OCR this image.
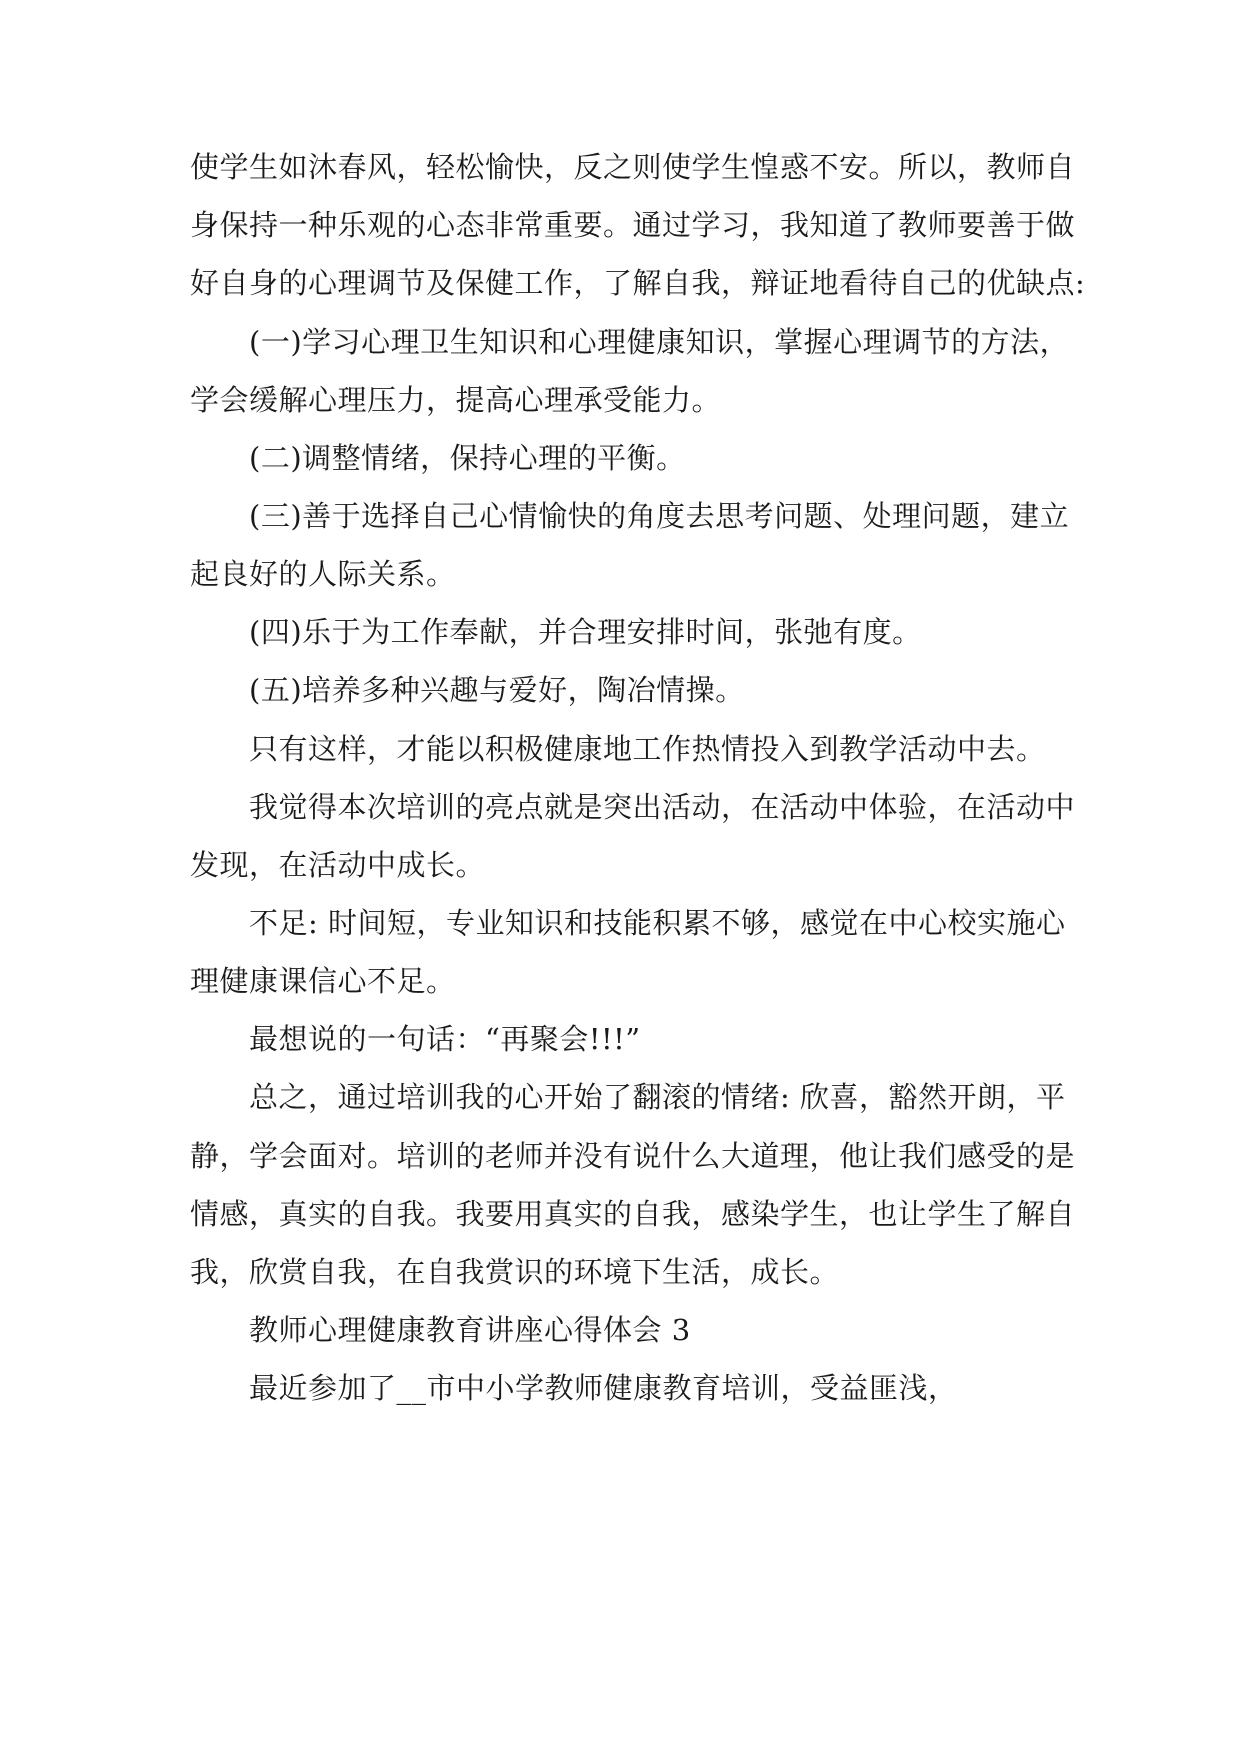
使学生如沐春风，轻松愉快，反之则使学生惶惑不安。所以，教师自
身保持一种乐观的心态非常重要。通过学习，我知道了教师要善于做
好自身的心理调节及保健工作，了解自我，辩证地看待自己的优缺点:
(一)学习心理卫生知识和心理健康知识，掌握心理调节的方法，
学会缓解心理压力，提高心理承受能力。
(二)调整情绪，保持心理的平衡。
(三)善于选择自己心情愉快的角度去思考问题、处理问题，建立
起良好的人际关系。
(四)乐于为工作奉献，并合理安排时间，张弛有度。
(五)培养多种兴趣与爱好，陶冶情操。
只有这样，才能以积极健康地工作热情投入到教学活动中去。
我觉得本次培训的亮点就是突出活动，在活动中体验，在活动中
发现，在活动中成长。
不足: 时间短，专业知识和技能积累不够，感觉在中心校实施心
理健康课信心不足。
最想说的一句话：“再聚会!!!”
总之，通过培训我的心开始了翻滚的情绪: 欣喜，豁然开朗，平
静，学会面对。培训的老师并没有说什么大道理，他让我们感受的是
情感，真实的自我。我要用真实的自我，感染学生，也让学生了解自
我，欣赏自我，在自我赏识的环境下生活，成长。
教师心理健康教育讲座心得体会 3
最近参加了__市中小学教师健康教育培训，受益匪浅，
